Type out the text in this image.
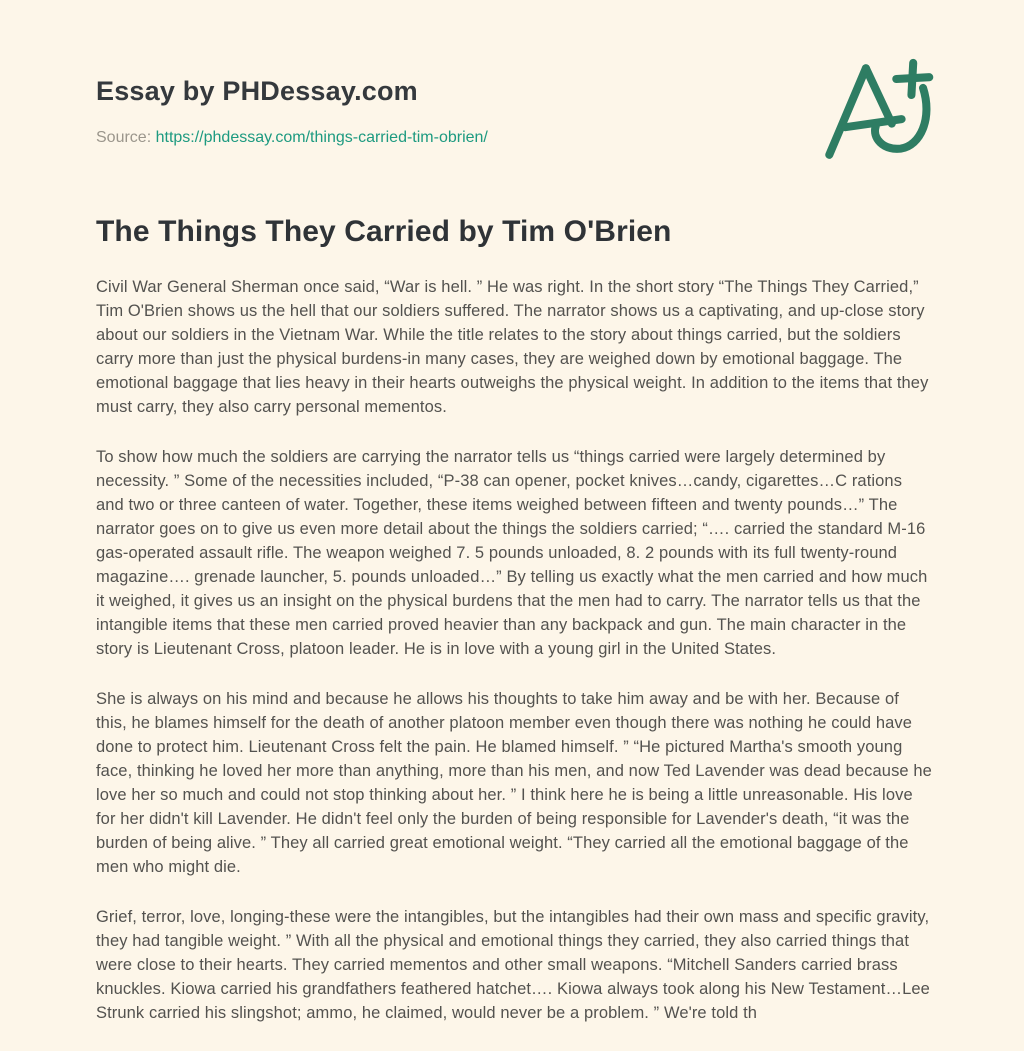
Essay by PHDessay.com

Source: https://phdessay.com/things-carried-tim-obrien/

The Things They Carried by Tim O'Brien

Civil War General Sherman once said, “War is hell. ” He was right. In the short story “The Things They Carried,” Tim O'Brien shows us the hell that our soldiers suffered. The narrator shows us a captivating, and up-close story about our soldiers in the Vietnam War. While the title relates to the story about things carried, but the soldiers carry more than just the physical burdens-in many cases, they are weighed down by emotional baggage. The emotional baggage that lies heavy in their hearts outweighs the physical weight. In addition to the items that they must carry, they also carry personal mementos.

To show how much the soldiers are carrying the narrator tells us “things carried were largely determined by necessity. ” Some of the necessities included, “P-38 can opener, pocket knives…candy, cigarettes…C rations and two or three canteen of water. Together, these items weighed between fifteen and twenty pounds…” The narrator goes on to give us even more detail about the things the soldiers carried; “…. carried the standard M-16 gas-operated assault rifle. The weapon weighed 7. 5 pounds unloaded, 8. 2 pounds with its full twenty-round magazine…. grenade launcher, 5. pounds unloaded…” By telling us exactly what the men carried and how much it weighed, it gives us an insight on the physical burdens that the men had to carry. The narrator tells us that the intangible items that these men carried proved heavier than any backpack and gun. The main character in the story is Lieutenant Cross, platoon leader. He is in love with a young girl in the United States.

She is always on his mind and because he allows his thoughts to take him away and be with her. Because of this, he blames himself for the death of another platoon member even though there was nothing he could have done to protect him. Lieutenant Cross felt the pain. He blamed himself. ” “He pictured Martha's smooth young face, thinking he loved her more than anything, more than his men, and now Ted Lavender was dead because he love her so much and could not stop thinking about her. ” I think here he is being a little unreasonable. His love for her didn't kill Lavender. He didn't feel only the burden of being responsible for Lavender's death, “it was the burden of being alive. ” They all carried great emotional weight. “They carried all the emotional baggage of the men who might die.

Grief, terror, love, longing-these were the intangibles, but the intangibles had their own mass and specific gravity, they had tangible weight. ” With all the physical and emotional things they carried, they also carried things that were close to their hearts. They carried mementos and other small weapons. “Mitchell Sanders carried brass knuckles. Kiowa carried his grandfathers feathered hatchet…. Kiowa always took along his New Testament…Lee Strunk carried his slingshot; ammo, he claimed, would never be a problem. ” We're told th
